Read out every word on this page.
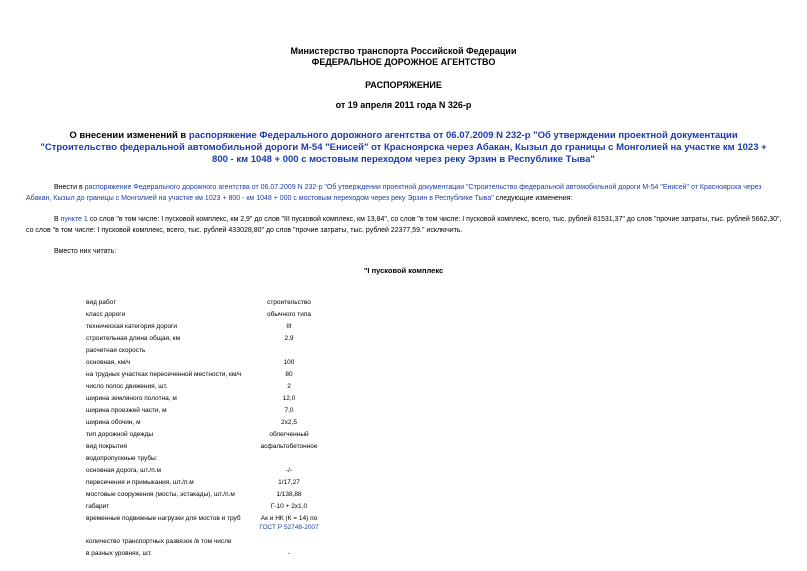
Министерство транспорта Российской Федерации
ФЕДЕРАЛЬНОЕ ДОРОЖНОЕ АГЕНТСТВО
РАСПОРЯЖЕНИЕ
от 19 апреля 2011 года N 326-р
О внесении изменений в распоряжение Федерального дорожного агентства от 06.07.2009 N 232-р "Об утверждении проектной документации "Строительство федеральной автомобильной дороги М-54 "Енисей" от Красноярска через Абакан, Кызыл до границы с Монголией на участке км 1023 + 800 - км 1048 + 000 с мостовым переходом через реку Эрзин в Республике Тыва"
Внести в распоряжение Федерального дорожного агентства от 06.07.2009 N 232-р "Об утверждении проектной документации "Строительство федеральной автомобильной дороги М-54 "Енисей" от Красноярска через Абакан, Кызыл до границы с Монголией на участке км 1023 + 800 - км 1048 + 000 с мостовым переходом через реку Эрзин в Республике Тыва" следующие изменения:
В пункте 1 со слов "в том числе: I пусковой комплекс, км 2,9" до слов "III пусковой комплекс, км 13,84", со слов "в том числе: I пусковой комплекс, всего, тыс. рублей 81531,37" до слов "прочие затраты, тыс. рублей 5662,30", со слов "в том числе: I пусковой комплекс, всего, тыс. рублей 433028,80" до слов "прочие затраты, тыс. рублей 22377,59." исключить.
Вместо них читать:
"I пусковой комплекс
вид работ	строительство
класс дороги	обычного типа
техническая категория дороги	III
строительная длина общая, км	2,9
расчетная скорость
основная, км/ч	100
на трудных участках пересеченной местности, км/ч	80
число полос движения, шт.	2
ширина земляного полотна, м	12,0
ширина проезжей части, м	7,0
ширина обочин, м	2x2,5
тип дорожной одежды	облегченный
вид покрытия	асфальтобетонное
водопропускные трубы:
основная дорога, шт./п.м	-/-
пересечения и примыкания, шт./п.м	1/17,27
мостовые сооружения (мосты, эстакады), шт./п.м	1/138,88
габарит	Г-10 + 2x1,0
временные подвижные нагрузки для мостов и труб	Ак и НК (К = 14) по
ГОСТ Р 52748-2007
количество транспортных развязок /в том числе
в разных уровнях, шт.	-
